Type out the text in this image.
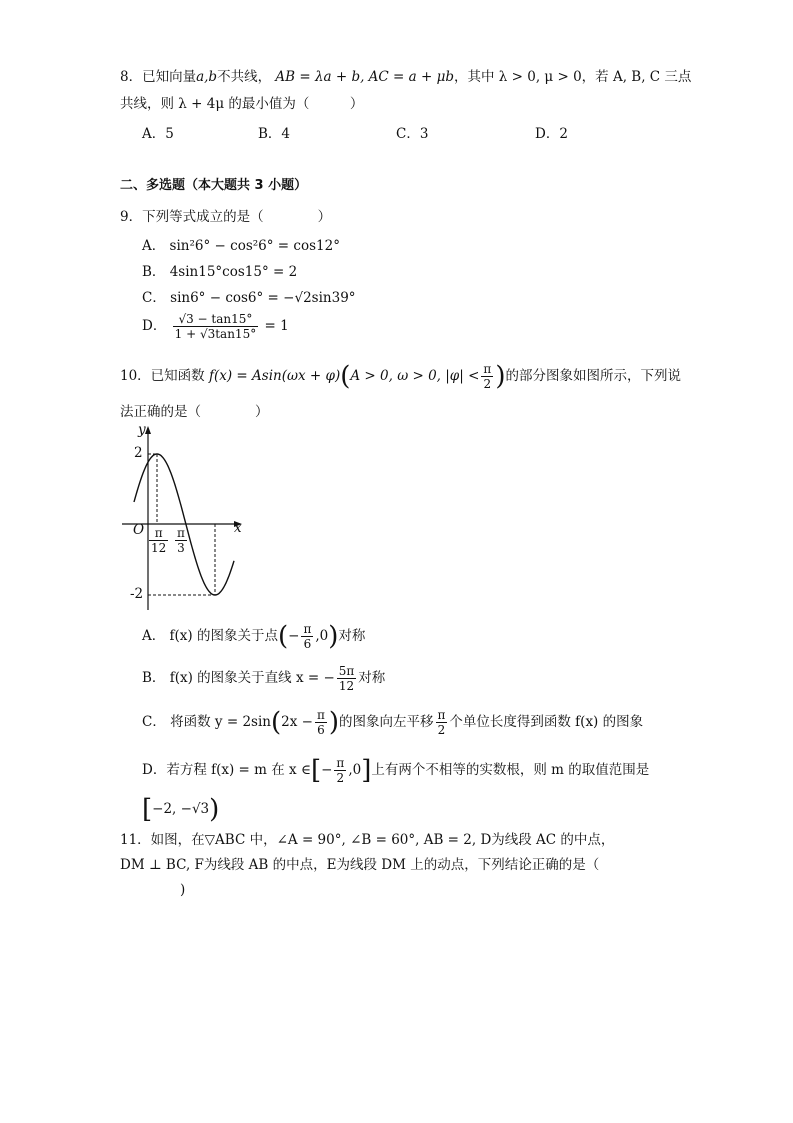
8．已知向量a,b不共线， AB = λa + b, AC = a + μb，其中 λ > 0, μ > 0，若 A, B, C 三点
共线，则 λ + 4μ 的最小值为（　　　）
A．5	B．4	C．3	D．2
二、多选题（本大题共 3 小题）
9．下列等式成立的是（　　　　）
A． sin²6° − cos²6° = cos12°
B． 4sin15°cos15° = 2
C． sin6° − cos6° = −√2sin39°
D． $\frac{√3 - \tan 15^\circ}{1 + √3\tan 15^\circ} = 1$
10．已知函数 f(x) = Asin(ωx + φ)(A > 0, ω > 0, $|\varphi| < \frac{\pi}{2}$ )的部分图象如图所示，下列说
法正确的是（　　　　）
y
x
O
2
-2
$\frac{\pi}{12} \frac{\pi}{3}$
A． f(x) 的图象关于点(− $\frac{\pi}{6} ,0$)对称
B． f(x) 的图象关于直线 x = − $\frac{5\pi}{12}$ 对称
C． 将函数 $y = 2\sin(2x - \frac{\pi}{6}$ )的图象向左平移 $\frac{\pi}{2}$ 个单位长度得到函数 f(x) 的图象
D．若方程 f(x) = m 在 x ∈[− $\frac{\pi}{2} ,0$]上有两个不相等的实数根，则 m 的取值范围是
[−2, −√3)
11．如图，在▽ABC 中，∠A = 90°, ∠B = 60°, AB = 2, D为线段 AC 的中点，
DM ⊥ BC, F为线段 AB 的中点，E为线段 DM 上的动点，下列结论正确的是（
)
